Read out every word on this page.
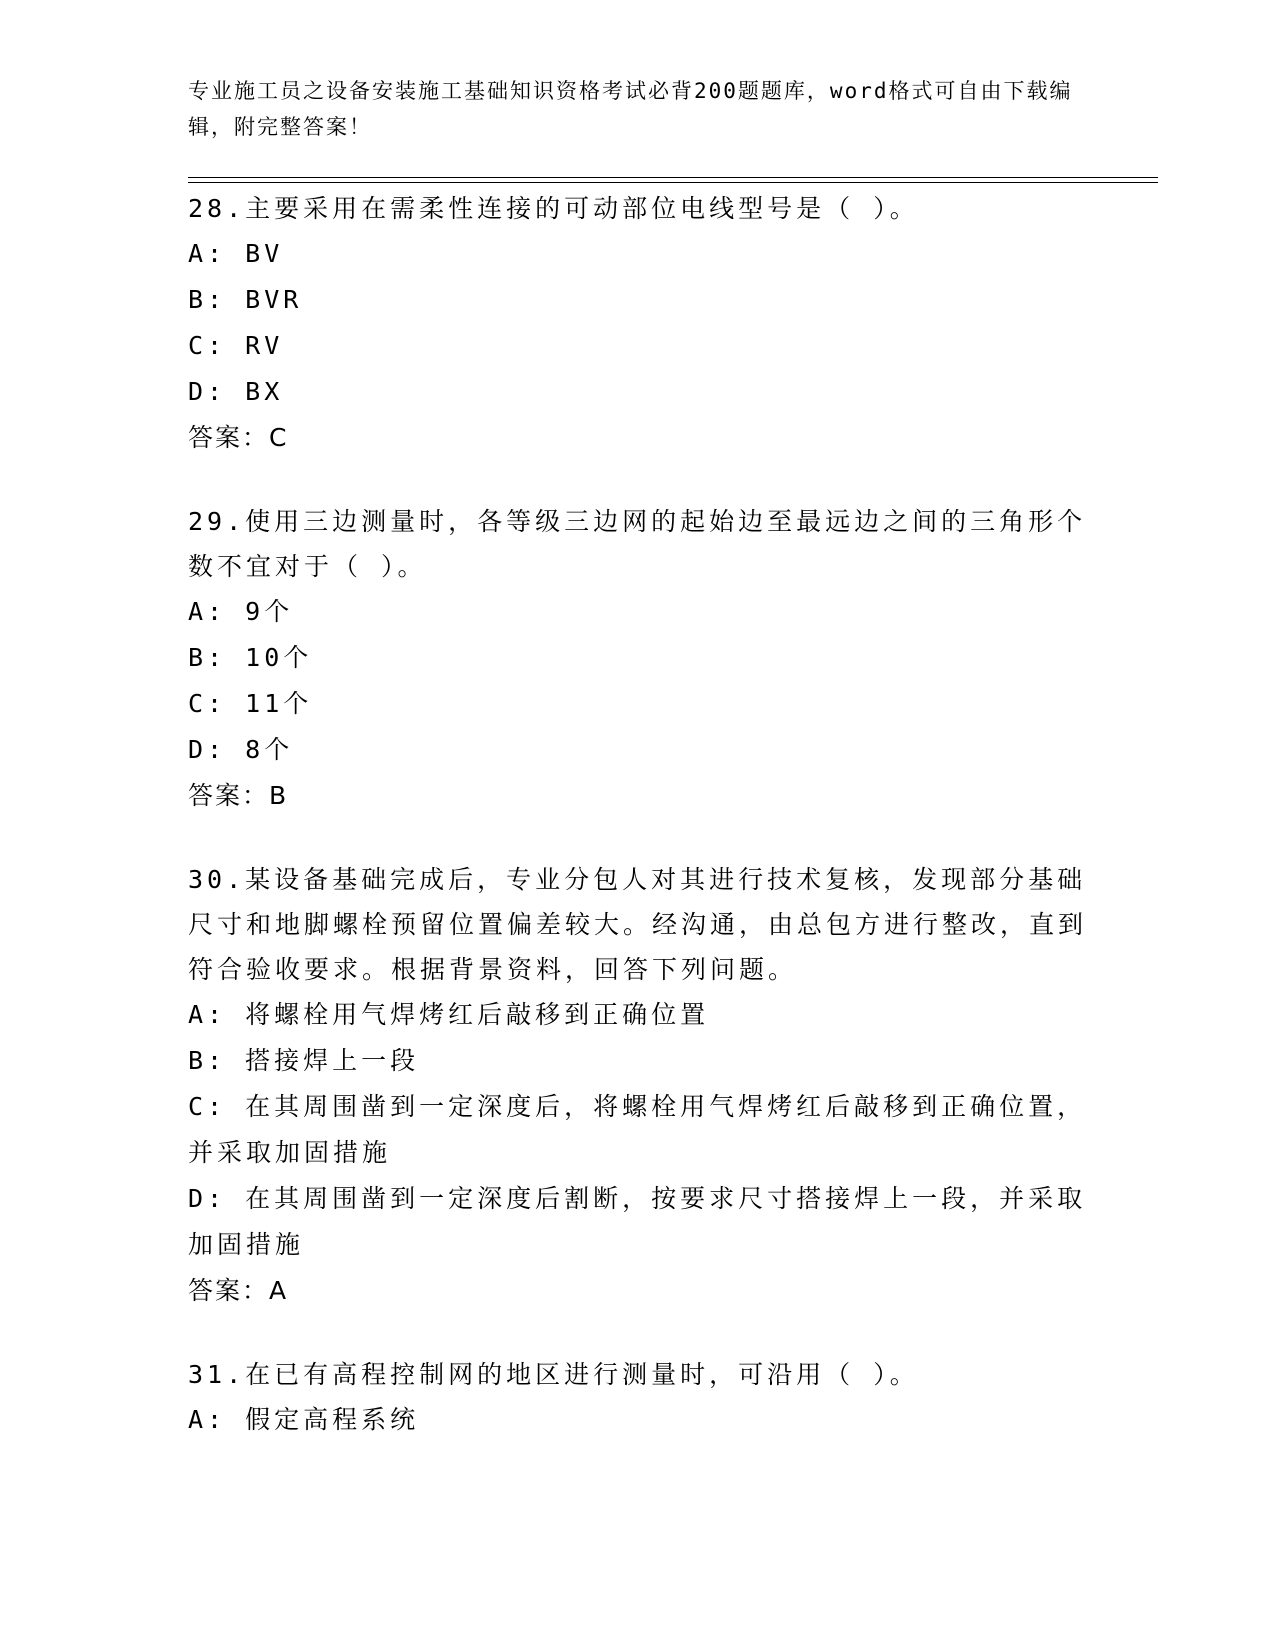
专业施工员之设备安装施工基础知识资格考试必背200题题库，word格式可自由下载编辑，附完整答案！

28.主要采用在需柔性连接的可动部位电线型号是（ ）。

A: BV

B: BVR

C: RV

D: BX

答案：C

29.使用三边测量时，各等级三边网的起始边至最远边之间的三角形个数不宜对于（ ）。

A: 9个

B: 10个

C: 11个

D: 8个

答案：B

30.某设备基础完成后，专业分包人对其进行技术复核，发现部分基础尺寸和地脚螺栓预留位置偏差较大。经沟通，由总包方进行整改，直到符合验收要求。根据背景资料，回答下列问题。

A: 将螺栓用气焊烤红后敲移到正确位置

B: 搭接焊上一段

C: 在其周围凿到一定深度后，将螺栓用气焊烤红后敲移到正确位置，并采取加固措施

D: 在其周围凿到一定深度后割断，按要求尺寸搭接焊上一段，并采取加固措施

答案：A

31.在已有高程控制网的地区进行测量时，可沿用（ ）。

A: 假定高程系统
